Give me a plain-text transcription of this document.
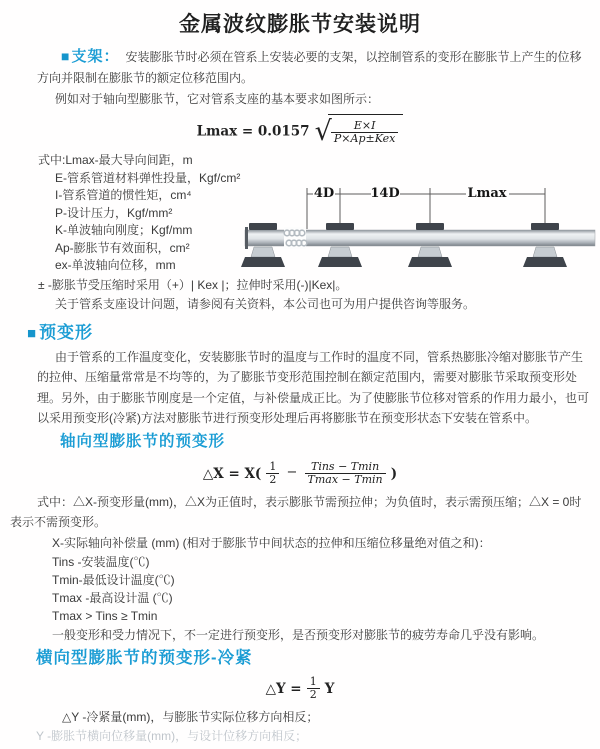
金属波纹膨胀节安装说明

■ 支架： 安装膨胀节时必须在管系上安装必要的支架，以控制管系的变形在膨胀节上产生的位移方向并限制在膨胀节的额定位移范围内。

例如对于轴向型膨胀节，它对管系支座的基本要求如图所示：

Lmax = 0.0157 √ $\frac{E\times I}{\text{P×Ap±Kex}}$
式中:Lmax-最大导向间距，m
E-管系管道材料弹性投量，Kgf/cm²
I-管系管道的惯性矩，cm⁴
P-设计压力，Kgf/mm²
K-单波轴向刚度；Kgf/mm
Ap-膨胀节有效面积，cm²
ex-单波轴向位移，mm
4D	14D	Lmax

± -膨胀节受压缩时采用（+）| Kex |；拉伸时采用(-)|Kex|。

关于管系支座设计问题，请参阅有关资料，本公司也可为用户提供咨询等服务。

■ 预变形

由于管系的工作温度变化，安装膨胀节时的温度与工作时的温度不同，管系热膨胀冷缩对膨胀节产生的拉伸、压缩量常常是不均等的，为了膨胀节变形范围控制在额定范围内，需要对膨胀节采取预变形处理。另外，由于膨胀节刚度是一个定值，与补偿量成正比。为了使膨胀节位移对管系的作用力最小，也可以采用预变形(冷紧)方法对膨胀节进行预变形处理后再将膨胀节在预变形状态下安装在管系中。

轴向型膨胀节的预变形
△X = $X( \frac{1}{2} - \frac{\text{Tins − Tmin}}{Tmax - Tmin}$ )

式中：△X-预变形量(mm)，△X为正值时，表示膨胀节需预拉伸；为负值时，表示需预压缩；△X = 0时表示不需预变形。

X-实际轴向补偿量 (mm) (相对于膨胀节中间状态的拉伸和压缩位移量绝对值之和)：

Tins -安装温度(℃)

Tmin-最低设计温度(℃)

Tmax -最高设计温 (℃)

Tmax > Tins ≥ Tmin

一般变形和受力情况下，不一定进行预变形，是否预变形对膨胀节的疲劳寿命几乎没有影响。

横向型膨胀节的预变形-冷紧
△Y = $\frac{1}{2}$ Y

△Y -冷紧量(mm)，与膨胀节实际位移方向相反；

Y -膨胀节横向位移量(mm)，与设计位移方向相反；
